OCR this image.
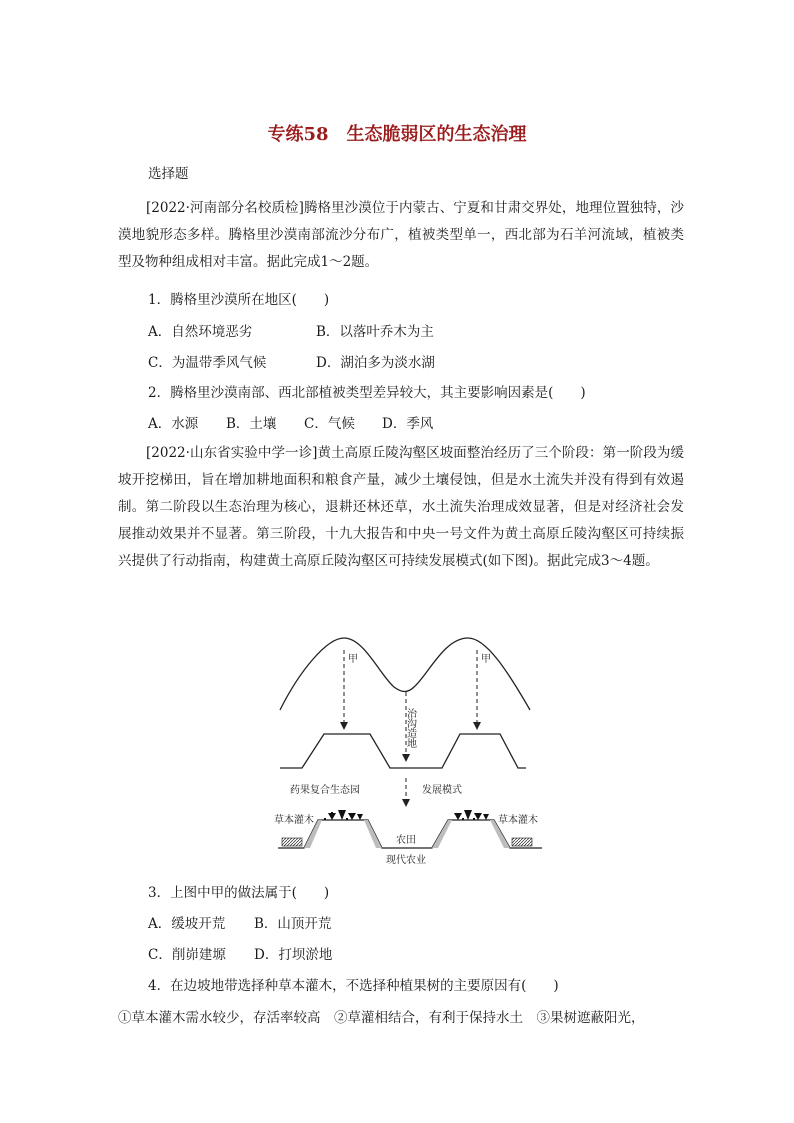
专练58　生态脆弱区的生态治理
选择题
[2022·河南部分名校质检]腾格里沙漠位于内蒙古、宁夏和甘肃交界处，地理位置独特，沙漠地貌形态多样。腾格里沙漠南部流沙分布广，植被类型单一，西北部为石羊河流域，植被类型及物种组成相对丰富。据此完成1～2题。
1．腾格里沙漠所在地区(　　)
A．自然环境恶劣	B．以落叶乔木为主
C．为温带季风气候	D．湖泊多为淡水湖
2．腾格里沙漠南部、西北部植被类型差异较大，其主要影响因素是(　　)
A．水源 B．土壤 C．气候 D．季风
[2022·山东省实验中学一诊]黄土高原丘陵沟壑区坡面整治经历了三个阶段：第一阶段为缓坡开挖梯田，旨在增加耕地面积和粮食产量，减少土壤侵蚀，但是水土流失并没有得到有效遏制。第二阶段以生态治理为核心，退耕还林还草，水土流失治理成效显著，但是对经济社会发展推动效果并不显著。第三阶段，十九大报告和中央一号文件为黄土高原丘陵沟壑区可持续振兴提供了行动指南，构建黄土高原丘陵沟壑区可持续发展模式(如下图)。据此完成3～4题。
甲	甲
治沟造地
药果复合生态园	发展模式
草本灌木	草本灌木
农田
现代农业
3．上图中甲的做法属于(　　)
A．缓坡开荒 B．山顶开荒
C．削峁建塬 D．打坝淤地
4．在边坡地带选择种草本灌木，不选择种植果树的主要原因有(　　)
①草本灌木需水较少，存活率较高　②草灌相结合，有利于保持水土　③果树遮蔽阳光，
